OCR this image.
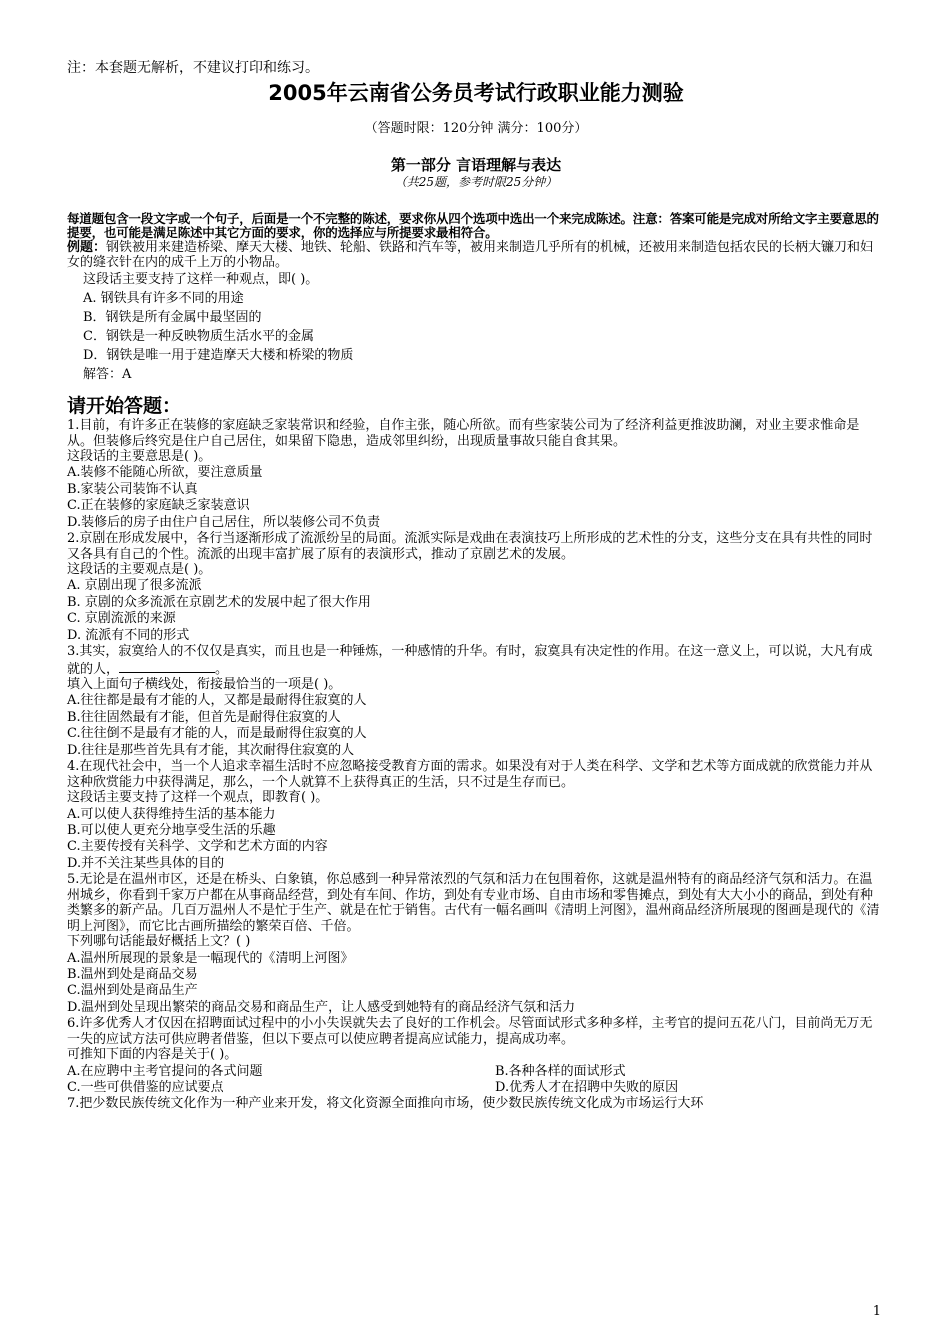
注：本套题无解析，不建议打印和练习。
2005年云南省公务员考试行政职业能力测验
（答题时限：120分钟 满分：100分）
第一部分 言语理解与表达
（共25题，参考时限25分钟）
每道题包含一段文字或一个句子，后面是一个不完整的陈述，要求你从四个选项中选出一个来完成陈述。注意：答案可能是完成对所给文字主要意思的提要，也可能是满足陈述中其它方面的要求，你的选择应与所提要求最相符合。
例题：钢铁被用来建造桥梁、摩天大楼、地铁、轮船、铁路和汽车等，被用来制造几乎所有的机械，还被用来制造包括农民的长柄大镰刀和妇女的缝衣针在内的成千上万的小物品。
这段话主要支持了这样一种观点，即( )。
A. 钢铁具有许多不同的用途
B．钢铁是所有金属中最坚固的
C．钢铁是一种反映物质生活水平的金属
D．钢铁是唯一用于建造摩天大楼和桥梁的物质
解答：A
请开始答题：
1.目前，有许多正在装修的家庭缺乏家装常识和经验，自作主张，随心所欲。而有些家装公司为了经济利益更推波助澜，对业主要求惟命是从。但装修后终究是住户自己居住，如果留下隐患，造成邻里纠纷，出现质量事故只能自食其果。
这段话的主要意思是( )。
A.装修不能随心所欲，要注意质量
B.家装公司装饰不认真
C.正在装修的家庭缺乏家装意识
D.装修后的房子由住户自己居住，所以装修公司不负责
2.京剧在形成发展中，各行当逐渐形成了流派纷呈的局面。流派实际是戏曲在表演技巧上所形成的艺术性的分支，这些分支在具有共性的同时又各具有自己的个性。流派的出现丰富扩展了原有的表演形式，推动了京剧艺术的发展。
这段话的主要观点是( )。
A. 京剧出现了很多流派
B. 京剧的众多流派在京剧艺术的发展中起了很大作用
C. 京剧流派的来源
D. 流派有不同的形式
3.其实，寂寞给人的不仅仅是真实，而且也是一种锤炼，一种感情的升华。有时，寂寞具有决定性的作用。在这一意义上，可以说，大凡有成就的人，	。
填入上面句子横线处，衔接最恰当的一项是( )。
A.往往都是最有才能的人，又都是最耐得住寂寞的人
B.往往固然最有才能，但首先是耐得住寂寞的人
C.往往倒不是最有才能的人，而是最耐得住寂寞的人
D.往往是那些首先具有才能，其次耐得住寂寞的人
4.在现代社会中，当一个人追求幸福生活时不应忽略接受教育方面的需求。如果没有对于人类在科学、文学和艺术等方面成就的欣赏能力并从这种欣赏能力中获得满足，那么，一个人就算不上获得真正的生活，只不过是生存而已。
这段话主要支持了这样一个观点，即教育( )。
A.可以使人获得维持生活的基本能力
B.可以使人更充分地享受生活的乐趣
C.主要传授有关科学、文学和艺术方面的内容
D.并不关注某些具体的目的
5.无论是在温州市区，还是在桥头、白象镇，你总感到一种异常浓烈的气氛和活力在包围着你，这就是温州特有的商品经济气氛和活力。在温州城乡，你看到千家万户都在从事商品经营，到处有车间、作坊，到处有专业市场、自由市场和零售摊点，到处有大大小小的商品，到处有种类繁多的新产品。几百万温州人不是忙于生产、就是在忙于销售。古代有一幅名画叫《清明上河图》，温州商品经济所展现的图画是现代的《清明上河图》，而它比古画所描绘的繁荣百倍、千倍。
下列哪句话能最好概括上文？( )
A.温州所展现的景象是一幅现代的《清明上河图》
B.温州到处是商品交易
C.温州到处是商品生产
D.温州到处呈现出繁荣的商品交易和商品生产，让人感受到她特有的商品经济气氛和活力
6.许多优秀人才仅因在招聘面试过程中的小小失误就失去了良好的工作机会。尽管面试形式多种多样，主考官的提问五花八门，目前尚无万无一失的应试方法可供应聘者借鉴，但以下要点可以使应聘者提高应试能力，提高成功率。
可推知下面的内容是关于( )。
A.在应聘中主考官提问的各式问题	B.各种各样的面试形式
C.一些可供借鉴的应试要点	D.优秀人才在招聘中失败的原因
7.把少数民族传统文化作为一种产业来开发，将文化资源全面推向市场，使少数民族传统文化成为市场运行大环
1
